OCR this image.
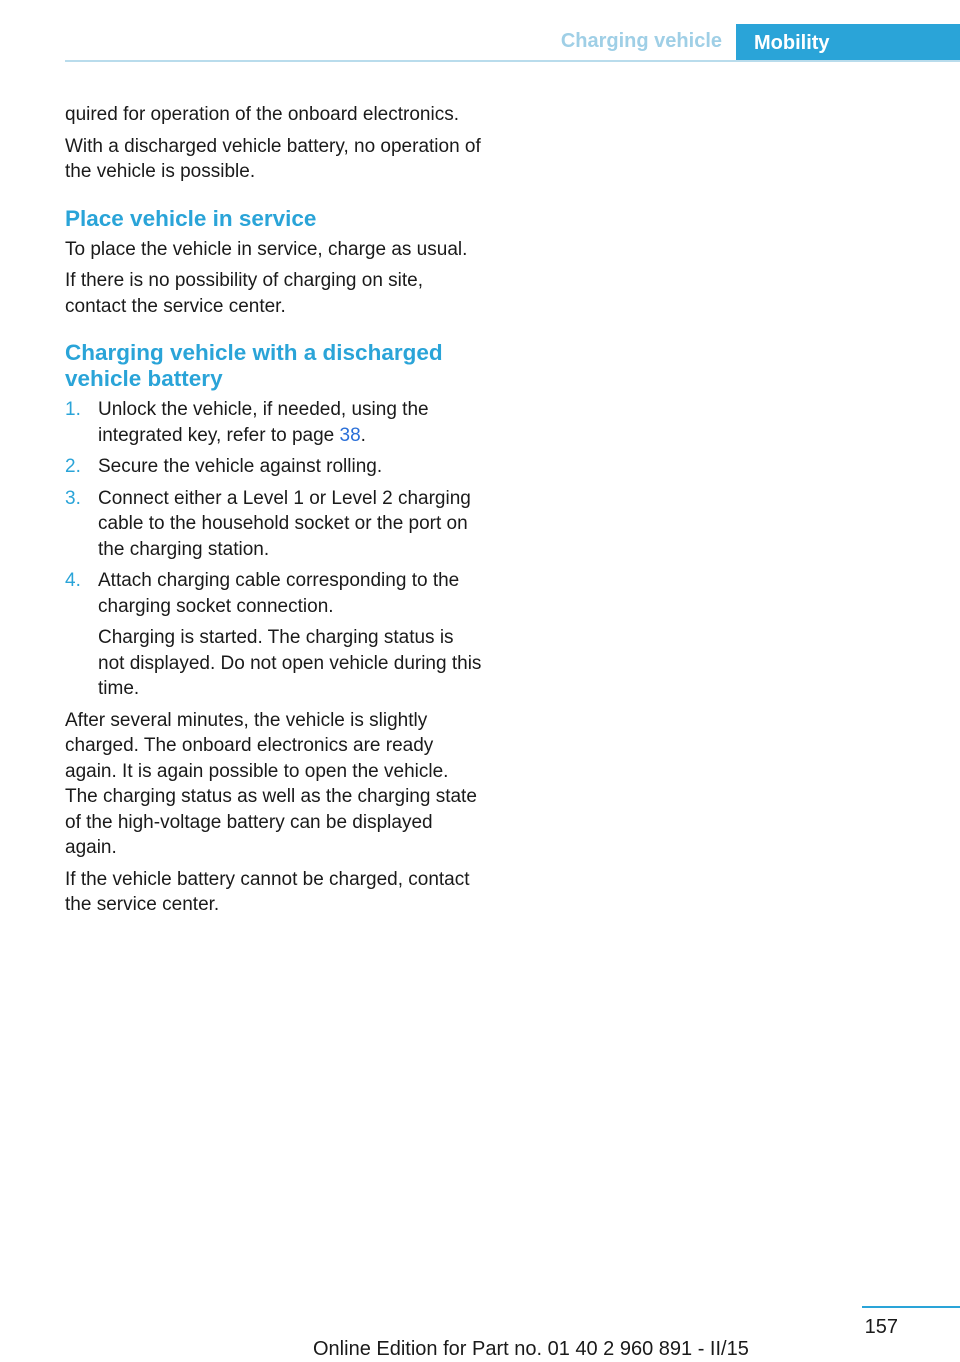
Charging vehicle	Mobility

quired for operation of the onboard electronics.

With a discharged vehicle battery, no operation of the vehicle is possible.

Place vehicle in service

To place the vehicle in service, charge as usual.

If there is no possibility of charging on site, contact the service center.

Charging vehicle with a discharged vehicle battery
1. Unlock the vehicle, if needed, using the integrated key, refer to page 38.
2. Secure the vehicle against rolling.
3. Connect either a Level 1 or Level 2 charging cable to the household socket or the port on the charging station.
4. Attach charging cable corresponding to the charging socket connection.
Charging is started. The charging status is not displayed. Do not open vehicle during this time.

After several minutes, the vehicle is slightly charged. The onboard electronics are ready again. It is again possible to open the vehicle. The charging status as well as the charging state of the high-voltage battery can be displayed again.

If the vehicle battery cannot be charged, contact the service center.

157
Online Edition for Part no. 01 40 2 960 891 - II/15
